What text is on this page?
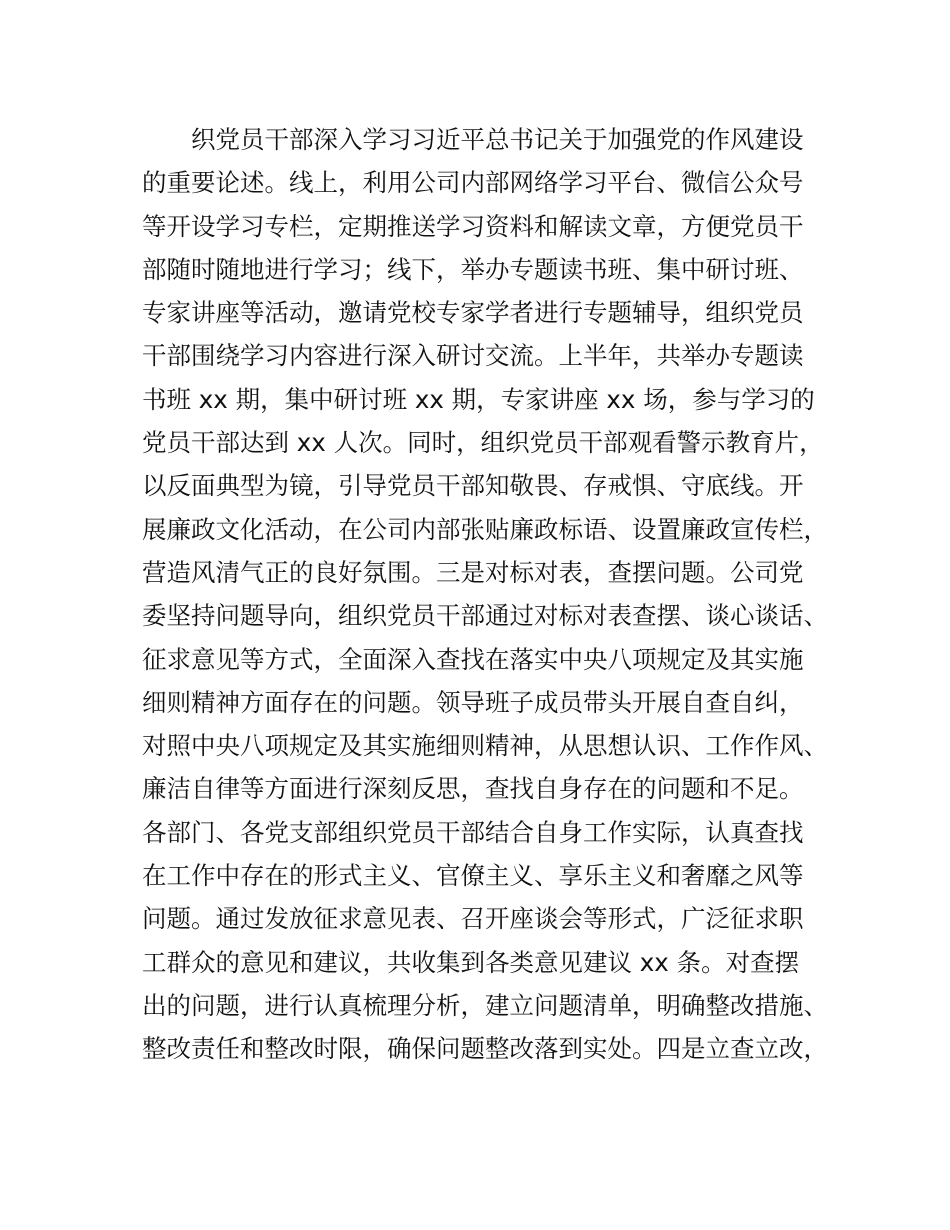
织党员干部深入学习习近平总书记关于加强党的作风建设
的重要论述。线上，利用公司内部网络学习平台、微信公众号
等开设学习专栏，定期推送学习资料和解读文章，方便党员干
部随时随地进行学习；线下，举办专题读书班、集中研讨班、
专家讲座等活动，邀请党校专家学者进行专题辅导，组织党员
干部围绕学习内容进行深入研讨交流。上半年，共举办专题读
书班 xx 期，集中研讨班 xx 期，专家讲座 xx 场，参与学习的
党员干部达到 xx 人次。同时，组织党员干部观看警示教育片，
以反面典型为镜，引导党员干部知敬畏、存戒惧、守底线。开
展廉政文化活动，在公司内部张贴廉政标语、设置廉政宣传栏，
营造风清气正的良好氛围。三是对标对表，查摆问题。公司党
委坚持问题导向，组织党员干部通过对标对表查摆、谈心谈话、
征求意见等方式，全面深入查找在落实中央八项规定及其实施
细则精神方面存在的问题。领导班子成员带头开展自查自纠，
对照中央八项规定及其实施细则精神，从思想认识、工作作风、
廉洁自律等方面进行深刻反思，查找自身存在的问题和不足。
各部门、各党支部组织党员干部结合自身工作实际，认真查找
在工作中存在的形式主义、官僚主义、享乐主义和奢靡之风等
问题。通过发放征求意见表、召开座谈会等形式，广泛征求职
工群众的意见和建议，共收集到各类意见建议 xx 条。对查摆
出的问题，进行认真梳理分析，建立问题清单，明确整改措施、
整改责任和整改时限，确保问题整改落到实处。四是立查立改，
